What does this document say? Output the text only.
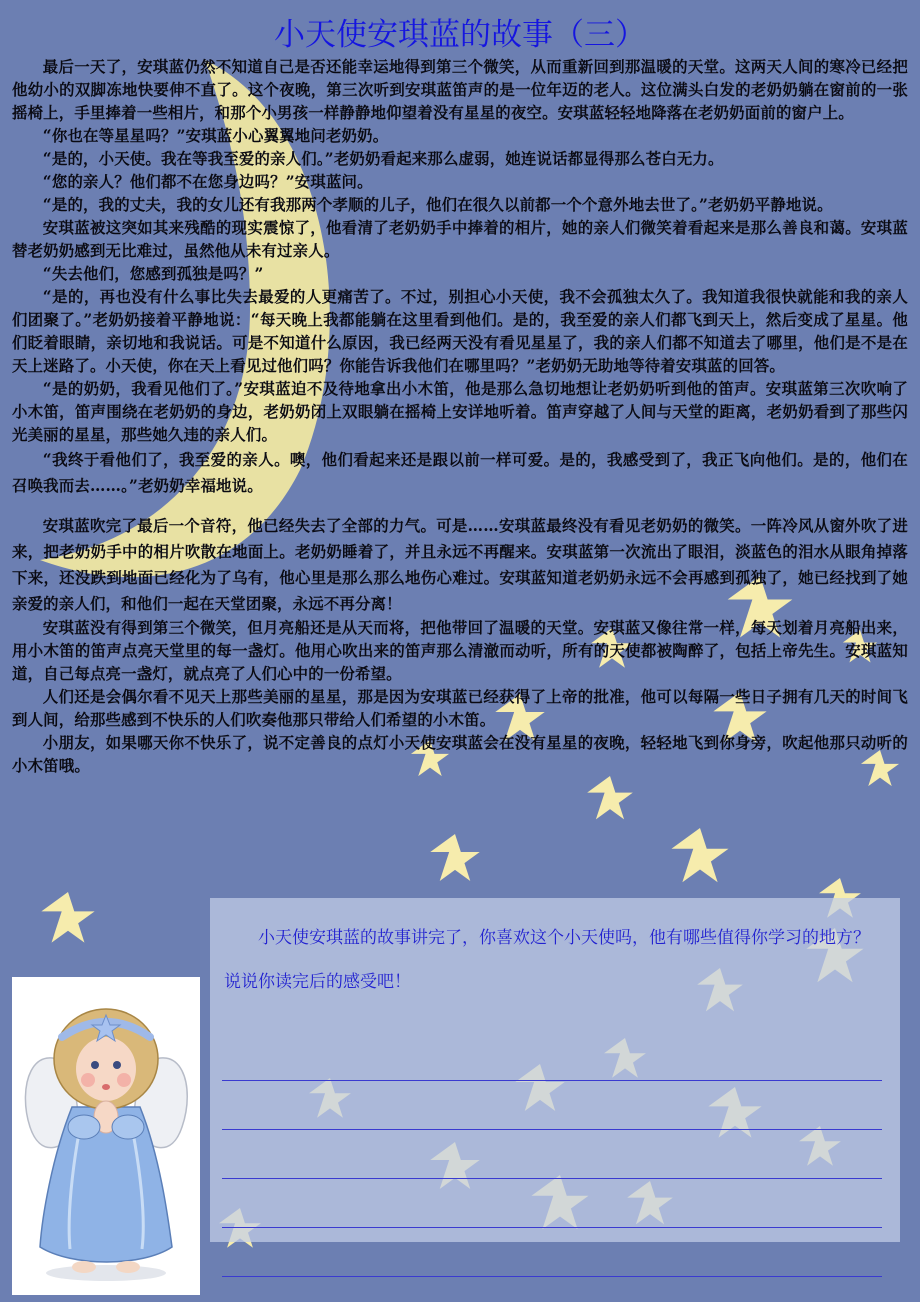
小天使安琪蓝的故事（三）

最后一天了，安琪蓝仍然不知道自己是否还能幸运地得到第三个微笑，从而重新回到那温暖的天堂。这两天人间的寒冷已经把他幼小的双脚冻地快要伸不直了。这个夜晚，第三次听到安琪蓝笛声的是一位年迈的老人。这位满头白发的老奶奶躺在窗前的一张摇椅上，手里捧着一些相片，和那个小男孩一样静静地仰望着没有星星的夜空。安琪蓝轻轻地降落在老奶奶面前的窗户上。

“你也在等星星吗？”安琪蓝小心翼翼地问老奶奶。

“是的，小天使。我在等我至爱的亲人们。”老奶奶看起来那么虚弱，她连说话都显得那么苍白无力。

“您的亲人？他们都不在您身边吗？”安琪蓝问。

“是的，我的丈夫，我的女儿还有我那两个孝顺的儿子，他们在很久以前都一个个意外地去世了。”老奶奶平静地说。

安琪蓝被这突如其来残酷的现实震惊了，他看清了老奶奶手中捧着的相片，她的亲人们微笑着看起来是那么善良和蔼。安琪蓝替老奶奶感到无比难过，虽然他从未有过亲人。

“失去他们，您感到孤独是吗？”

“是的，再也没有什么事比失去最爱的人更痛苦了。不过，别担心小天使，我不会孤独太久了。我知道我很快就能和我的亲人们团聚了。”老奶奶接着平静地说：“每天晚上我都能躺在这里看到他们。是的，我至爱的亲人们都飞到天上，然后变成了星星。他们眨着眼睛，亲切地和我说话。可是不知道什么原因，我已经两天没有看见星星了，我的亲人们都不知道去了哪里，他们是不是在天上迷路了。小天使，你在天上看见过他们吗？你能告诉我他们在哪里吗？”老奶奶无助地等待着安琪蓝的回答。

“是的奶奶，我看见他们了。”安琪蓝迫不及待地拿出小木笛，他是那么急切地想让老奶奶听到他的笛声。安琪蓝第三次吹响了小木笛，笛声围绕在老奶奶的身边，老奶奶闭上双眼躺在摇椅上安详地听着。笛声穿越了人间与天堂的距离，老奶奶看到了那些闪光美丽的星星，那些她久违的亲人们。

“我终于看他们了，我至爱的亲人。噢，他们看起来还是跟以前一样可爱。是的，我感受到了，我正飞向他们。是的，他们在召唤我而去……。”老奶奶幸福地说。

安琪蓝吹完了最后一个音符，他已经失去了全部的力气。可是……安琪蓝最终没有看见老奶奶的微笑。一阵冷风从窗外吹了进来，把老奶奶手中的相片吹散在地面上。老奶奶睡着了，并且永远不再醒来。安琪蓝第一次流出了眼泪，淡蓝色的泪水从眼角掉落下来，还没跌到地面已经化为了乌有，他心里是那么那么地伤心难过。安琪蓝知道老奶奶永远不会再感到孤独了，她已经找到了她亲爱的亲人们，和他们一起在天堂团聚，永远不再分离！

安琪蓝没有得到第三个微笑，但月亮船还是从天而将，把他带回了温暖的天堂。安琪蓝又像往常一样，每天划着月亮船出来，用小木笛的笛声点亮天堂里的每一盏灯。他用心吹出来的笛声那么清澈而动听，所有的天使都被陶醉了，包括上帝先生。安琪蓝知道，自己每点亮一盏灯，就点亮了人们心中的一份希望。

人们还是会偶尔看不见天上那些美丽的星星，那是因为安琪蓝已经获得了上帝的批准，他可以每隔一些日子拥有几天的时间飞到人间，给那些感到不快乐的人们吹奏他那只带给人们希望的小木笛。

小朋友，如果哪天你不快乐了，说不定善良的点灯小天使安琪蓝会在没有星星的夜晚，轻轻地飞到你身旁，吹起他那只动听的小木笛哦。

小天使安琪蓝的故事讲完了，你喜欢这个小天使吗，他有哪些值得你学习的地方？说说你读完后的感受吧！
